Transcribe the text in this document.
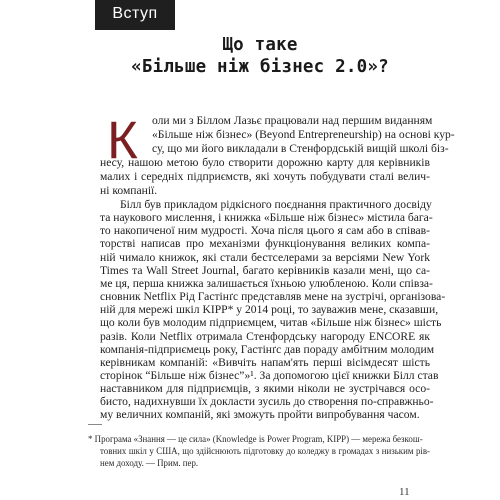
Вступ
Що таке
«Більше ніж бізнес 2.0»?
К оли ми з Біллом Лазьє працювали над першим виданням
«Більше ніж бізнес» (Beyond Entrepreneurship) на основі кур-
су, що ми його викладали в Стенфордській вищій школі біз-
несу, нашою метою було створити дорожню карту для керівників
малих і середніх підприємств, які хочуть побудувати сталі велич-
ні компанії.
Білл був прикладом рідкісного поєднання практичного досвіду
та наукового мислення, і книжка «Більше ніж бізнес» містила бага-
то накопиченої ним мудрості. Хоча після цього я сам або в співав-
торстві написав про механізми функціонування великих компа-
ній чимало книжок, які стали бестселерами за версіями New York
Times та Wall Street Journal, багато керівників казали мені, що са-
ме ця, перша книжка залишається їхньою улюбленою. Коли співза-
сновник Netflix Рід Гастінґс представляв мене на зустрічі, організова-
ній для мережі шкіл KIPP* у 2014 році, то зауважив мене, сказавши,
що коли був молодим підприємцем, читав «Більше ніж бізнес» шість
разів. Коли Netflix отримала Стенфордську нагороду ENCORE як
компанія-підприємець року, Гастінґс дав пораду амбітним молодим
керівникам компаній: «Вивчіть напам'ять перші вісімдесят шість
сторінок “Більше ніж бізнес”»¹. За допомогою цієї книжки Білл став
наставником для підприємців, з якими ніколи не зустрічався осо-
бисто, надихнувши їх докласти зусиль до створення по-справжньо-
* Програма «Знання — це сила» (Knowledge is Power Program, KIPP) — мережа безкош-
товних шкіл у США, що здійснюють підготовку до коледжу в громадах з низьким рів-
нем доходу. — Прим. пер.
11
му величних компаній, які зможуть пройти випробування часом.
